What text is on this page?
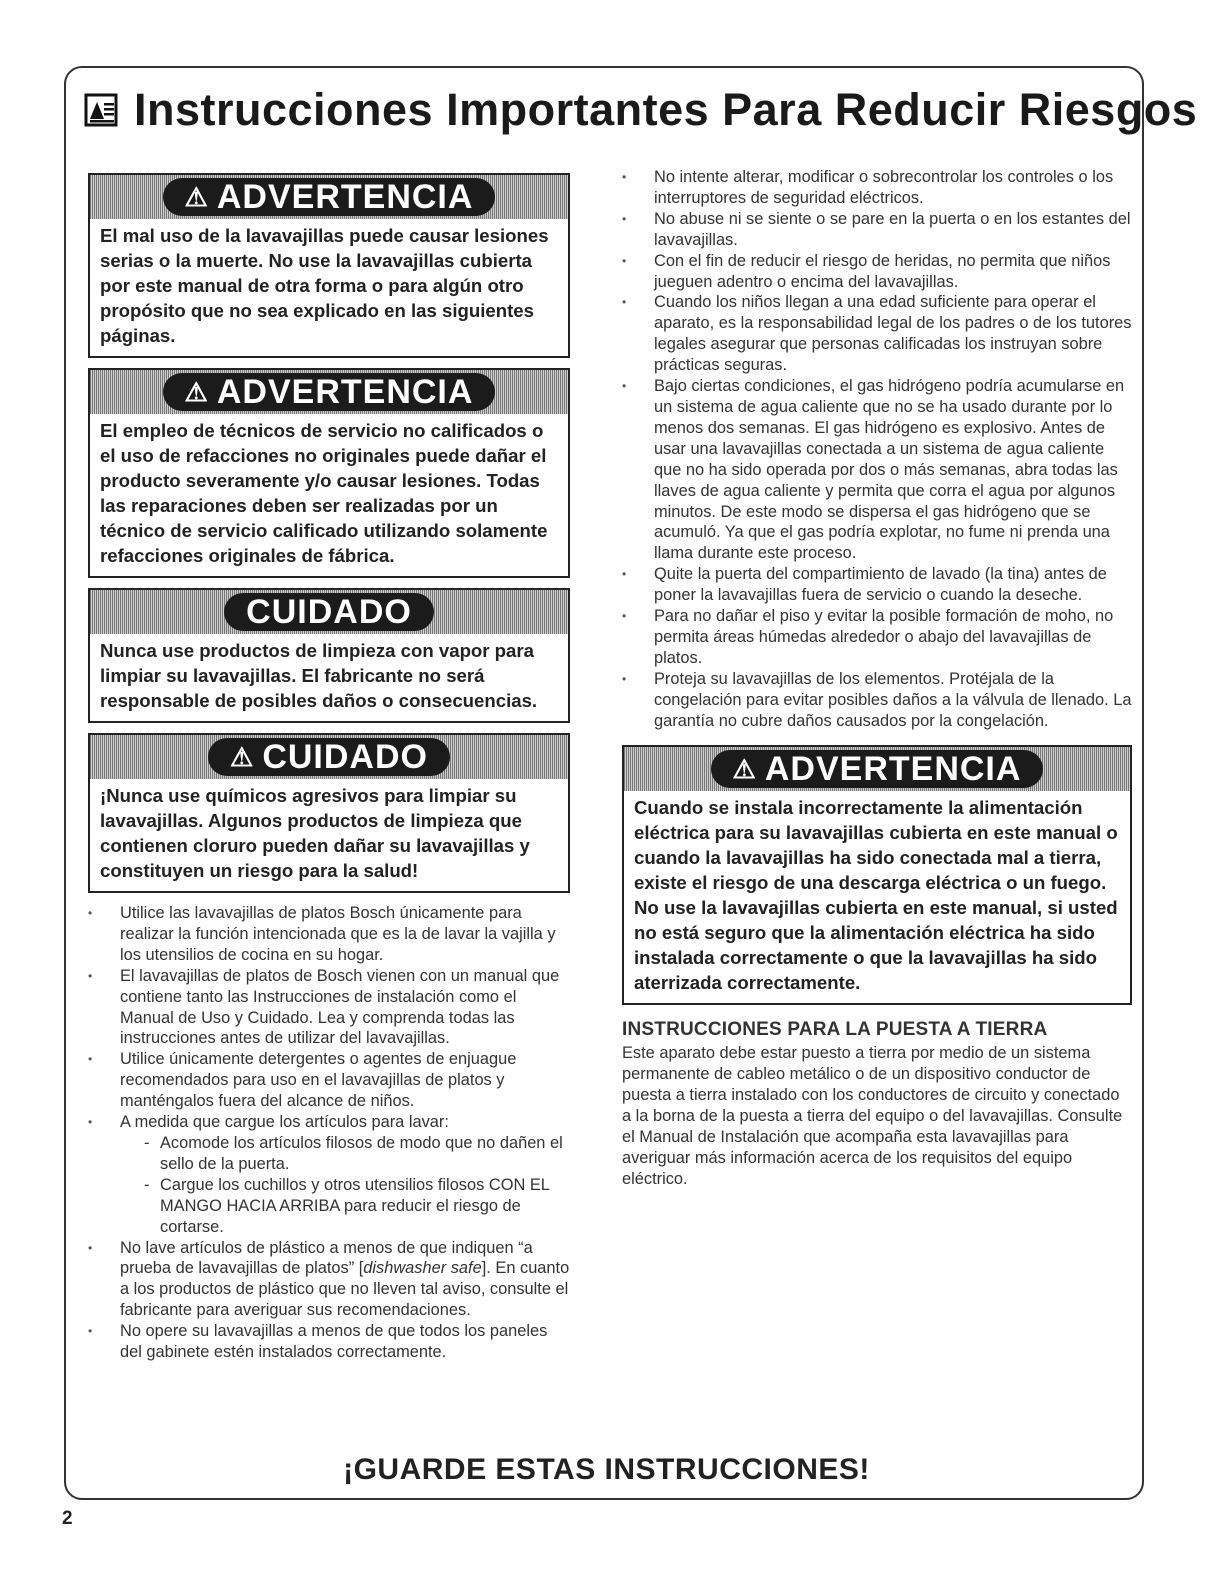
Instrucciones Importantes Para Reducir Riesgos
⚠ ADVERTENCIA
El mal uso de la lavavajillas puede causar lesiones serias o la muerte. No use la lavavajillas cubierta por este manual de otra forma o para algún otro propósito que no sea explicado en las siguientes páginas.
⚠ ADVERTENCIA
El empleo de técnicos de servicio no calificados o el uso de refacciones no originales puede dañar el producto severamente y/o causar lesiones. Todas las reparaciones deben ser realizadas por un técnico de servicio calificado utilizando solamente refacciones originales de fábrica.
CUIDADO
Nunca use productos de limpieza con vapor para limpiar su lavavajillas. El fabricante no será responsable de posibles daños o consecuencias.
⚠ CUIDADO
¡Nunca use químicos agresivos para limpiar su lavavajillas. Algunos productos de limpieza que contienen cloruro pueden dañar su lavavajillas y constituyen un riesgo para la salud!
• Utilice las lavavajillas de platos Bosch únicamente para realizar la función intencionada que es la de lavar la vajilla y los utensilios de cocina en su hogar.
• El lavavajillas de platos de Bosch vienen con un manual que contiene tanto las Instrucciones de instalación como el Manual de Uso y Cuidado. Lea y comprenda todas las instrucciones antes de utilizar del lavavajillas.
• Utilice únicamente detergentes o agentes de enjuague recomendados para uso en el lavavajillas de platos y manténgalos fuera del alcance de niños.
• A medida que cargue los artículos para lavar:
- Acomode los artículos filosos de modo que no dañen el sello de la puerta.
- Cargue los cuchillos y otros utensilios filosos CON EL MANGO HACIA ARRIBA para reducir el riesgo de cortarse.
• No lave artículos de plástico a menos de que indiquen “a prueba de lavavajillas de platos” [dishwasher safe]. En cuanto a los productos de plástico que no lleven tal aviso, consulte el fabricante para averiguar sus recomendaciones.
• No opere su lavavajillas a menos de que todos los paneles del gabinete estén instalados correctamente.
• No intente alterar, modificar o sobrecontrolar los controles o los interruptores de seguridad eléctricos.
• No abuse ni se siente o se pare en la puerta o en los estantes del lavavajillas.
• Con el fin de reducir el riesgo de heridas, no permita que niños jueguen adentro o encima del lavavajillas.
• Cuando los niños llegan a una edad suficiente para operar el aparato, es la responsabilidad legal de los padres o de los tutores legales asegurar que personas calificadas los instruyan sobre prácticas seguras.
• Bajo ciertas condiciones, el gas hidrógeno podría acumularse en un sistema de agua caliente que no se ha usado durante por lo menos dos semanas. El gas hidrógeno es explosivo. Antes de usar una lavavajillas conectada a un sistema de agua caliente que no ha sido operada por dos o más semanas, abra todas las llaves de agua caliente y permita que corra el agua por algunos minutos. De este modo se dispersa el gas hidrógeno que se acumuló. Ya que el gas podría explotar, no fume ni prenda una llama durante este proceso.
• Quite la puerta del compartimiento de lavado (la tina) antes de poner la lavavajillas fuera de servicio o cuando la deseche.
• Para no dañar el piso y evitar la posible formación de moho, no permita áreas húmedas alrededor o abajo del lavavajillas de platos.
• Proteja su lavavajillas de los elementos. Protéjala de la congelación para evitar posibles daños a la válvula de llenado. La garantía no cubre daños causados por la congelación.
⚠ ADVERTENCIA
Cuando se instala incorrectamente la alimentación eléctrica para su lavavajillas cubierta en este manual o cuando la lavavajillas ha sido conectada mal a tierra, existe el riesgo de una descarga eléctrica o un fuego. No use la lavavajillas cubierta en este manual, si usted no está seguro que la alimentación eléctrica ha sido instalada correctamente o que la lavavajillas ha sido aterrizada correctamente.
INSTRUCCIONES PARA LA PUESTA A TIERRA
Este aparato debe estar puesto a tierra por medio de un sistema permanente de cableo metálico o de un dispositivo conductor de puesta a tierra instalado con los conductores de circuito y conectado a la borna de la puesta a tierra del equipo o del lavavajillas. Consulte el Manual de Instalación que acompaña esta lavavajillas para averiguar más información acerca de los requisitos del equipo eléctrico.
¡GUARDE ESTAS INSTRUCCIONES!
2
